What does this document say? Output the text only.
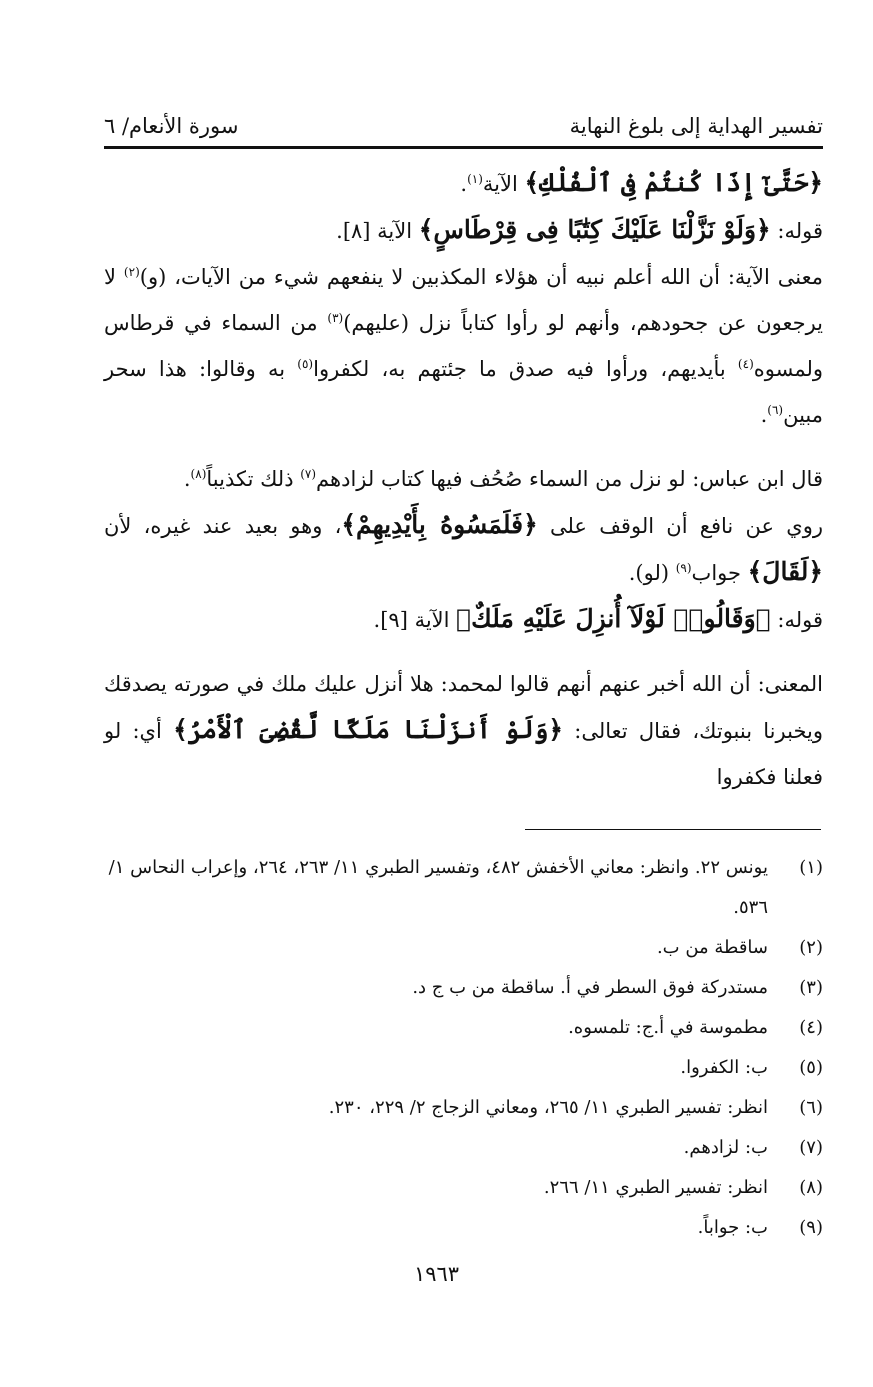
تفسير الهداية إلى بلوغ النهاية
سورة الأنعام/ ٦

﴿حَتَّىٰٓ إِذَا كُنتُمْ فِى ٱلْفُلْكِ﴾ الآية$^{(١)}$.

قوله: ﴿وَلَوْ نَزَّلْنَا عَلَيْكَ كِتَٰبًا فِى قِرْطَاسٍ﴾ الآية [٨].

معنى الآية: أن الله أعلم نبيه أن هؤلاء المكذبين لا ينفعهم شيء من الآيات، (و)$^{(٢)}$ لا يرجعون عن جحودهم، وأنهم لو رأوا كتاباً نزل (عليهم)$^{(٣)}$ من السماء في قرطاس ولمسوه$^{(٤)}$ بأيديهم، ورأوا فيه صدق ما جئتهم به، لكفروا$^{(٥)}$ به وقالوا: هذا سحر مبين$^{(٦)}$.

قال ابن عباس: لو نزل من السماء صُحُف فيها كتاب لزادهم$^{(٧)}$ ذلك تكذيباً$^{(٨)}$.

روي عن نافع أن الوقف على ﴿فَلَمَسُوهُ بِأَيْدِيهِمْ﴾، وهو بعيد عند غيره، لأن ﴿لَقَالَ﴾ جواب$^{(٩)}$ (لو).

قوله: ﴿وَقَالُوا۟ لَوْلَآ أُنزِلَ عَلَيْهِ مَلَكٌ﴾ الآية [٩].

المعنى: أن الله أخبر عنهم أنهم قالوا لمحمد: هلا أنزل عليك ملك في صورته يصدقك ويخبرنا بنبوتك، فقال تعالى: ﴿وَلَوْ أَنزَلْنَا مَلَكًا لَّقُضِىَ ٱلْأَمْرُ﴾ أي: لو فعلنا فكفروا

(١)
يونس ٢٢. وانظر: معاني الأخفش ٤٨٢، وتفسير الطبري ١١/ ٢٦٣، ٢٦٤، وإعراب النحاس ١/ ٥٣٦.
(٢)
ساقطة من ب.
(٣)
مستدركة فوق السطر في أ. ساقطة من ب ج د.
(٤)
مطموسة في أ.ج: تلمسوه.
(٥)
ب: الكفروا.
(٦)
انظر: تفسير الطبري ١١/ ٢٦٥، ومعاني الزجاج ٢/ ٢٢٩، ٢٣٠.
(٧)
ب: لزادهم.
(٨)
انظر: تفسير الطبري ١١/ ٢٦٦.
(٩)
ب: جواباً.
١٩٦٣
